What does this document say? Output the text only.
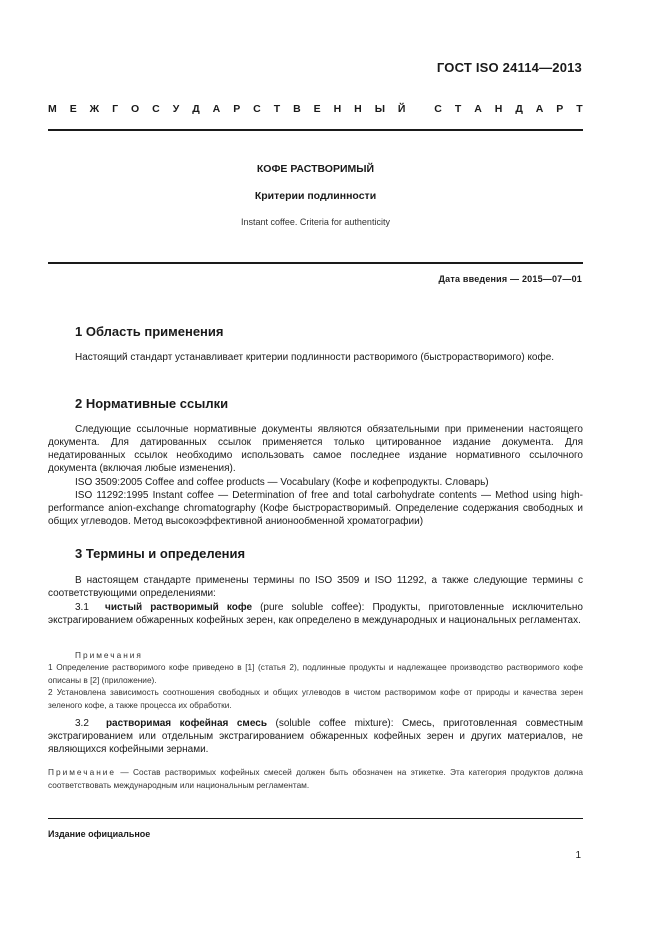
ГОСТ ISO 24114—2013
М Е Ж Г О С У Д А Р С Т В Е Н Н Ы Й
	С Т А Н Д А Р Т
КОФЕ РАСТВОРИМЫЙ
Критерии подлинности
Instant coffee. Criteria for authenticity
Дата введения — 2015—07—01
1 Область применения
Настоящий стандарт устанавливает критерии подлинности растворимого (быстрорастворимого) кофе.
2 Нормативные ссылки
Следующие ссылочные нормативные документы являются обязательными при применении настоящего документа. Для датированных ссылок применяется только цитированное издание документа. Для недатированных ссылок необходимо использовать самое последнее издание нормативного ссылочного документа (включая любые изменения).
ISO 3509:2005 Coffee and coffee products — Vocabulary (Кофе и кофепродукты. Словарь)
ISO 11292:1995 Instant coffee — Determination of free and total carbohydrate contents — Method using high-performance anion-exchange chromatography (Кофе быстрорастворимый. Определение содержания свободных и общих углеводов. Метод высокоэффективной анионообменной хроматографии)
3 Термины и определения
В настоящем стандарте применены термины по ISO 3509 и ISO 11292, а также следующие термины с соответствующими определениями:
3.1 чистый растворимый кофе (pure soluble coffee): Продукты, приготовленные исключительно экстрагированием обжаренных кофейных зерен, как определено в международных и национальных регламентах.
Примечания
1 Определение растворимого кофе приведено в [1] (статья 2), подлинные продукты и надлежащее производство растворимого кофе описаны в [2] (приложение).
2 Установлена зависимость соотношения свободных и общих углеводов в чистом растворимом кофе от природы и качества зерен зеленого кофе, а также процесса их обработки.
3.2 растворимая кофейная смесь (soluble coffee mixture): Смесь, приготовленная совместным экстрагированием или отдельным экстрагированием обжаренных кофейных зерен и других материалов, не являющихся кофейными зернами.
Примечание — Состав растворимых кофейных смесей должен быть обозначен на этикетке. Эта категория продуктов должна соответствовать международным или национальным регламентам.
Издание официальное
1
